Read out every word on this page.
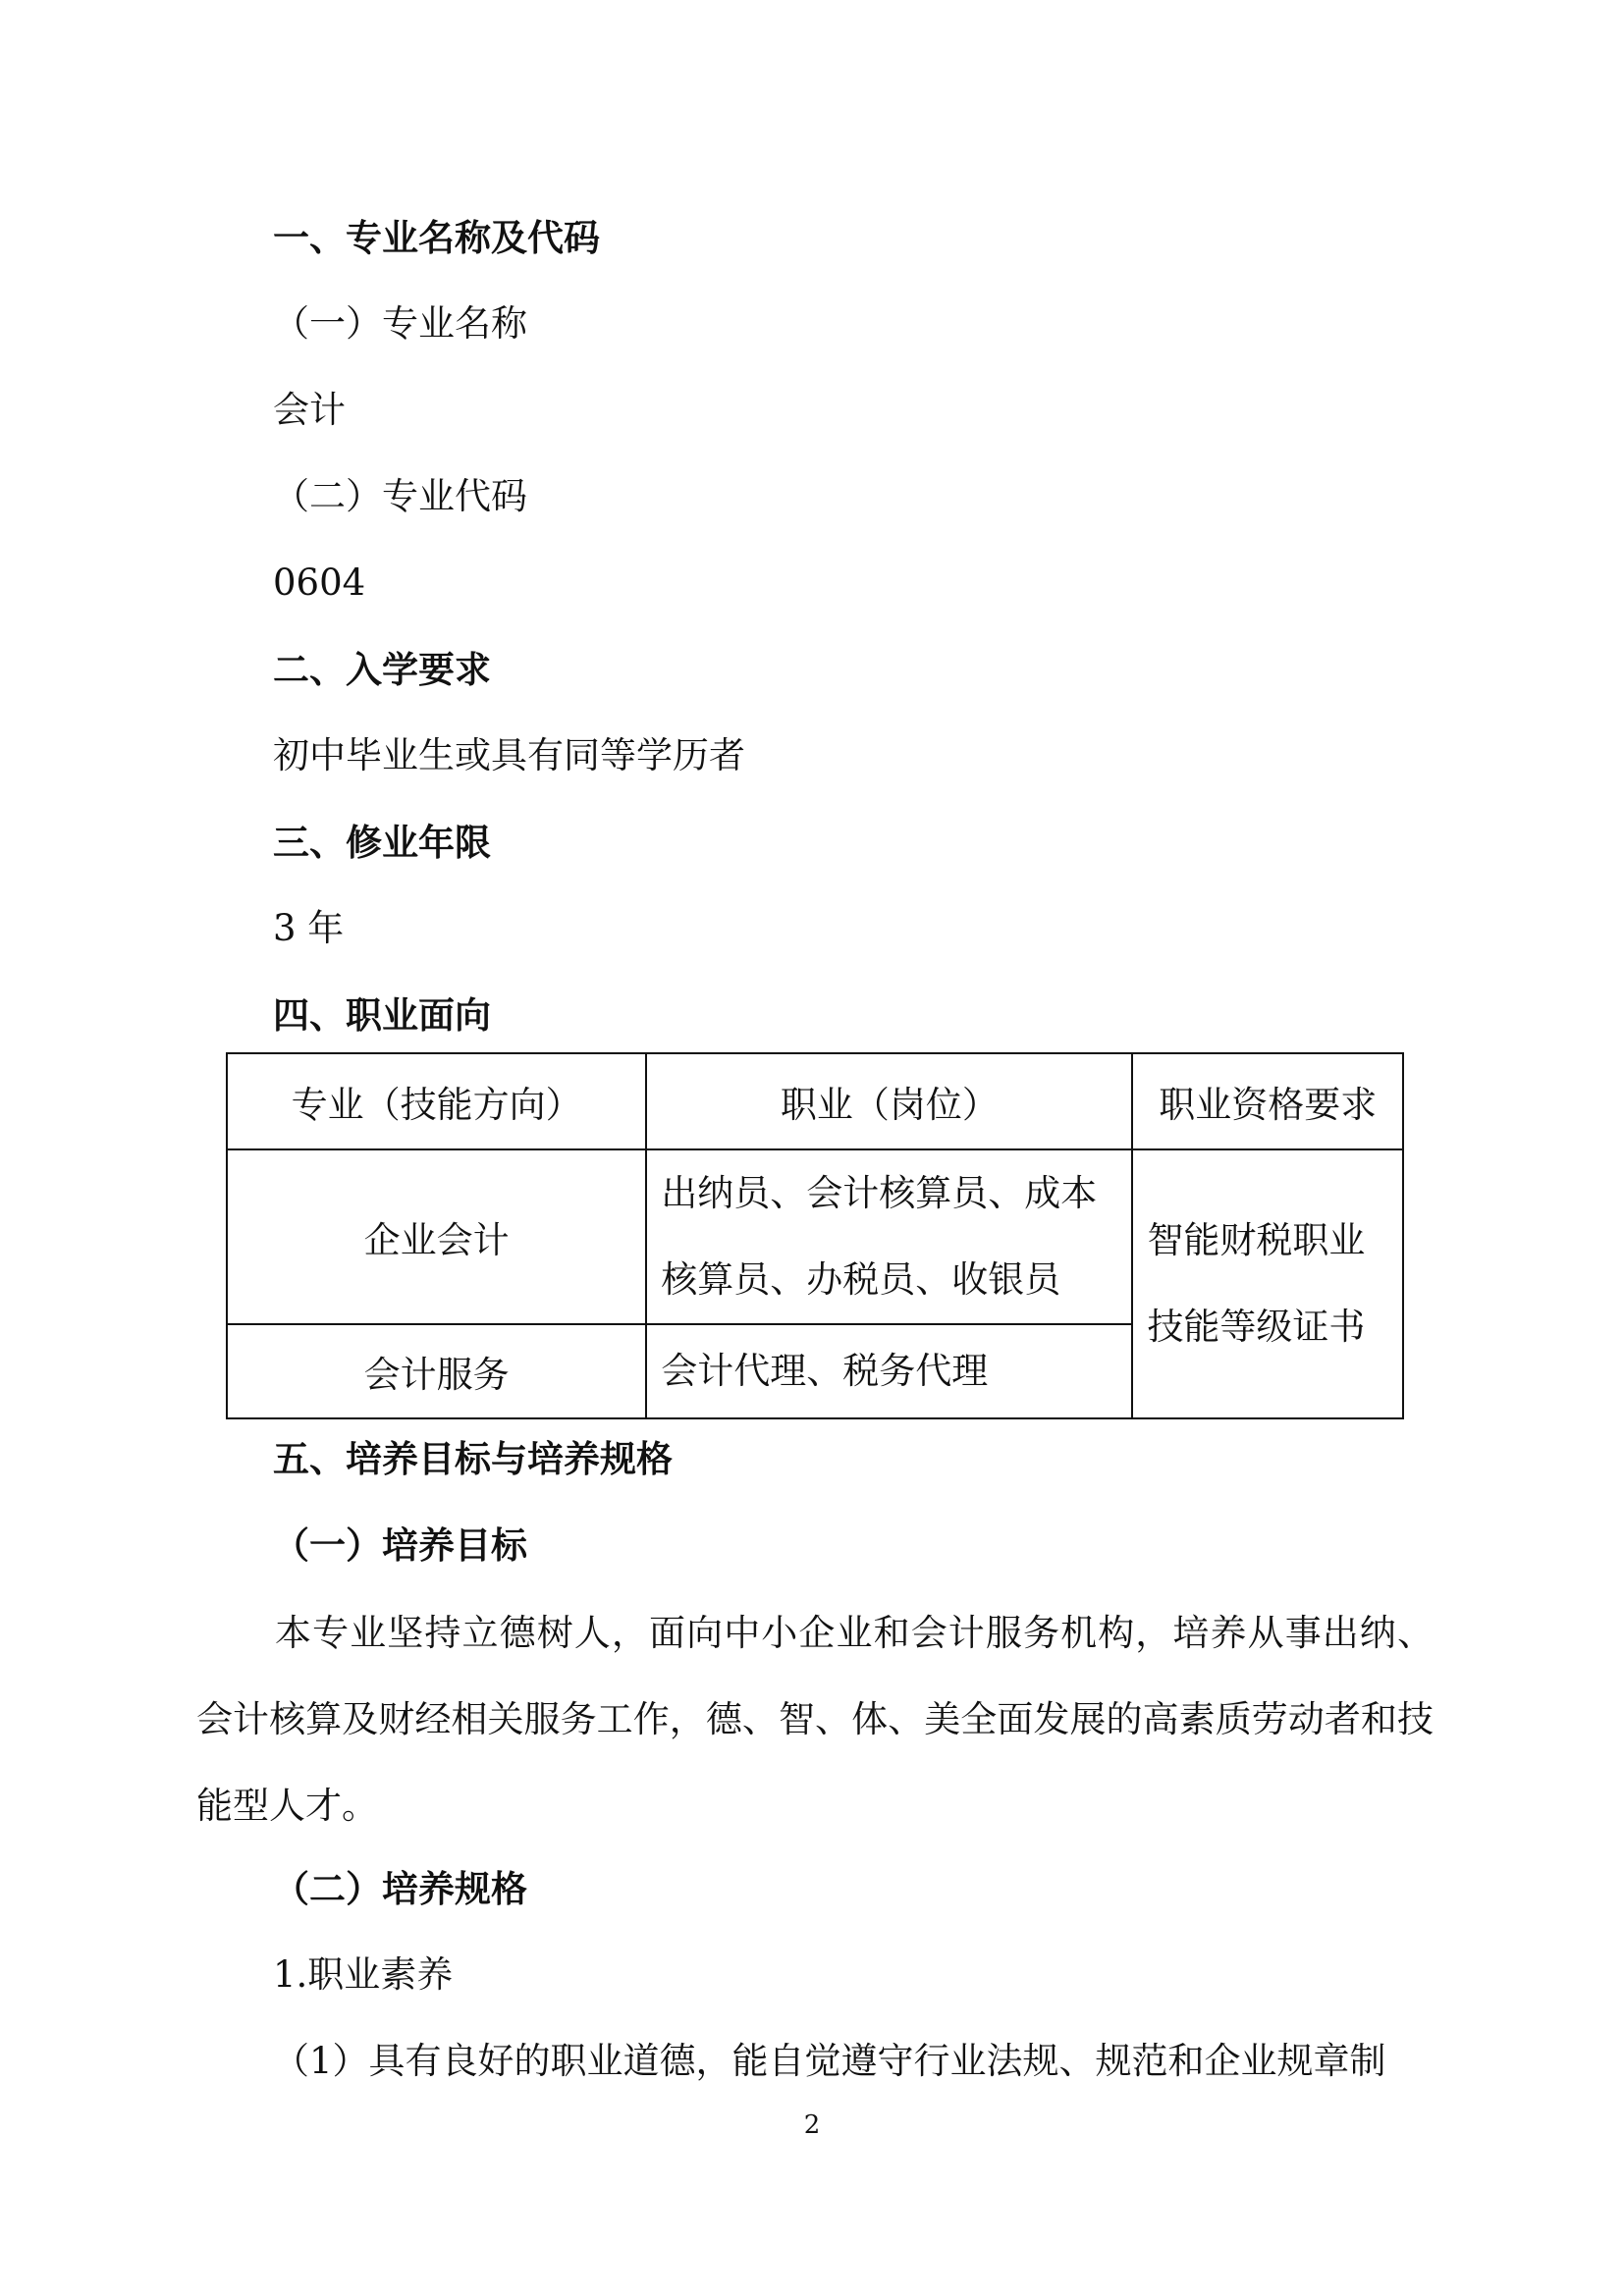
一、专业名称及代码
（一）专业名称
会计
（二）专业代码
0604
二、入学要求
初中毕业生或具有同等学历者
三、修业年限
3 年
四、职业面向
专业（技能方向）	职业（岗位）	职业资格要求
企业会计	出纳员、会计核算员、成本核算员、办税员、收银员	智能财税职业技能等级证书
会计服务	会计代理、税务代理	
五、培养目标与培养规格
（一）培养目标
本专业坚持立德树人，面向中小企业和会计服务机构，培养从事出纳、会计核算及财经相关服务工作，德、智、体、美全面发展的高素质劳动者和技能型人才。
（二）培养规格
1.职业素养
（1）具有良好的职业道德，能自觉遵守行业法规、规范和企业规章制
2
